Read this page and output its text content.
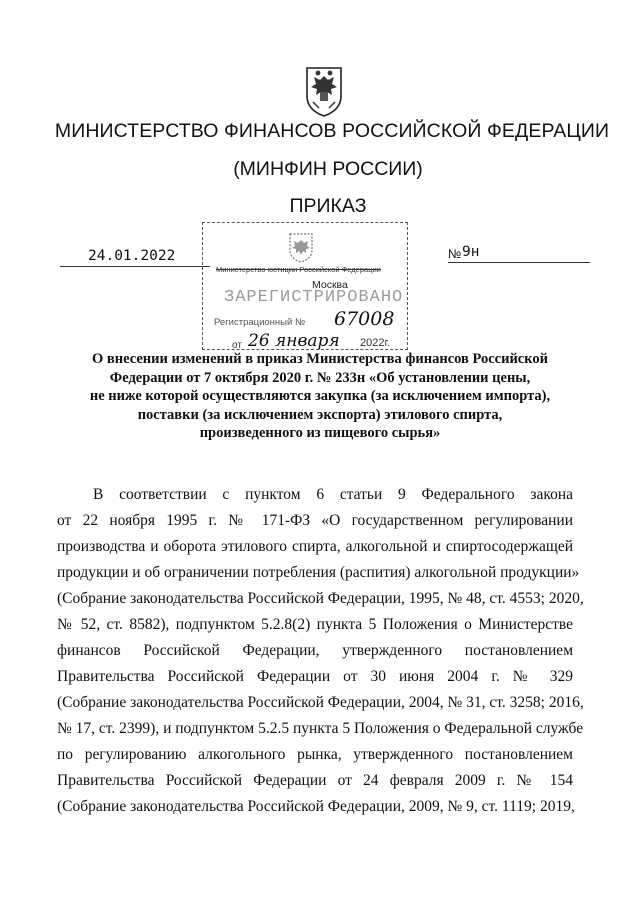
МИНИСТЕРСТВО ФИНАНСОВ РОССИЙСКОЙ ФЕДЕРАЦИИ
(МИНФИН РОССИИ)
ПРИКАЗ
24.01.2022	№ 9н
Министерство юстиции Российской Федерации
Москва
ЗАРЕГИСТРИРОВАНО
Регистрационный № 67008
от 26 января 2022г.
О внесении изменений в приказ Министерства финансов Российской
Федерации от 7 октября 2020 г. № 233н «Об установлении цены,
не ниже которой осуществляются закупка (за исключением импорта),
поставки (за исключением экспорта) этилового спирта,
произведенного из пищевого сырья»
В соответствии с пунктом 6 статьи 9 Федерального закона
от 22 ноября 1995 г. № 171-ФЗ «О государственном регулировании
производства и оборота этилового спирта, алкогольной и спиртосодержащей
продукции и об ограничении потребления (распития) алкогольной продукции»
(Собрание законодательства Российской Федерации, 1995, № 48, ст. 4553; 2020,
№ 52, ст. 8582), подпунктом 5.2.8(2) пункта 5 Положения о Министерстве
финансов Российской Федерации, утвержденного постановлением
Правительства Российской Федерации от 30 июня 2004 г. № 329
(Собрание законодательства Российской Федерации, 2004, № 31, ст. 3258; 2016,
№ 17, ст. 2399), и подпунктом 5.2.5 пункта 5 Положения о Федеральной службе
по регулированию алкогольного рынка, утвержденного постановлением
Правительства Российской Федерации от 24 февраля 2009 г. № 154
(Собрание законодательства Российской Федерации, 2009, № 9, ст. 1119; 2019,
